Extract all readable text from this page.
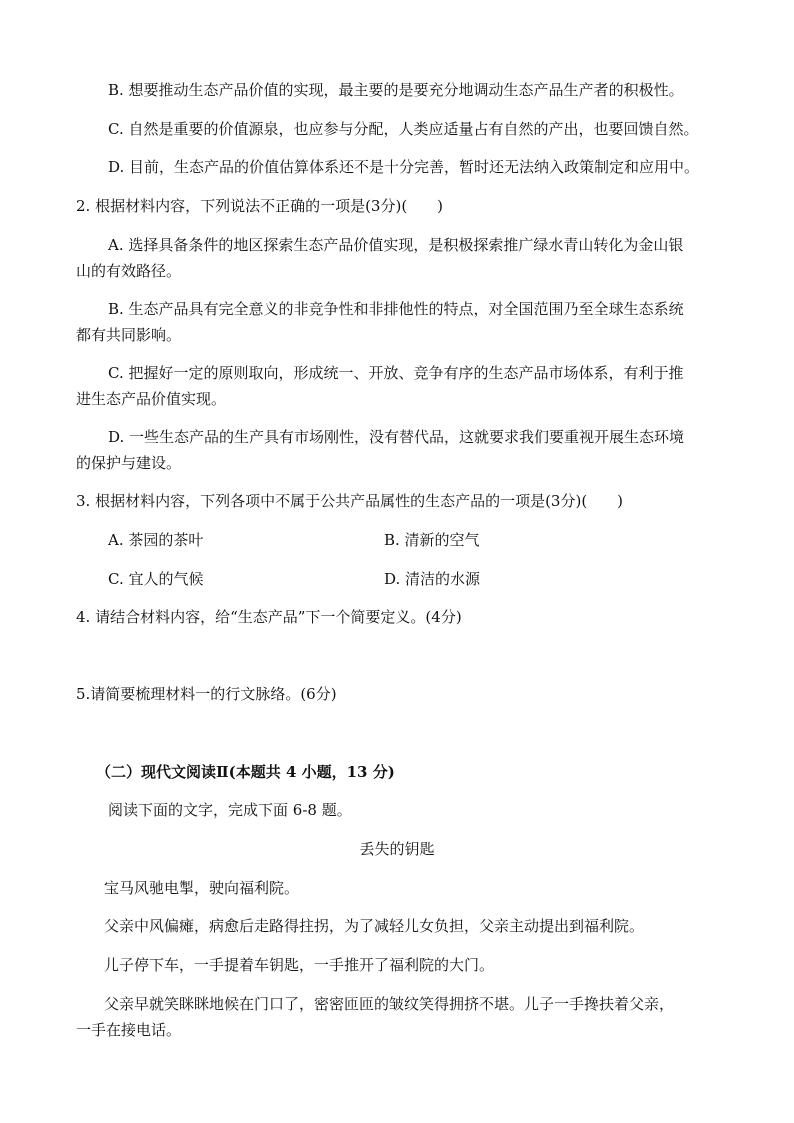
B. 想要推动生态产品价值的实现，最主要的是要充分地调动生态产品生产者的积极性。
C. 自然是重要的价值源泉，也应参与分配，人类应适量占有自然的产出，也要回馈自然。
D. 目前，生态产品的价值估算体系还不是十分完善，暂时还无法纳入政策制定和应用中。
2. 根据材料内容，下列说法不正确的一项是(3分)(　　)
A. 选择具备条件的地区探索生态产品价值实现，是积极探索推广绿水青山转化为金山银
山的有效路径。
B. 生态产品具有完全意义的非竞争性和非排他性的特点，对全国范围乃至全球生态系统
都有共同影响。
C. 把握好一定的原则取向，形成统一、开放、竞争有序的生态产品市场体系，有利于推
进生态产品价值实现。
D. 一些生态产品的生产具有市场刚性，没有替代品，这就要求我们要重视开展生态环境
的保护与建设。
3. 根据材料内容，下列各项中不属于公共产品属性的生态产品的一项是(3分)(　　)
A. 茶园的茶叶	B. 清新的空气
C. 宜人的气候	D. 清洁的水源
4. 请结合材料内容，给“生态产品”下一个简要定义。(4分)
5.请简要梳理材料一的行文脉络。(6分)
（二）现代文阅读Ⅱ(本题共 4 小题，13 分)
阅读下面的文字，完成下面 6-8 题。
丢失的钥匙
宝马风驰电掣，驶向福利院。
父亲中风偏瘫，病愈后走路得拄拐，为了减轻儿女负担，父亲主动提出到福利院。
儿子停下车，一手提着车钥匙，一手推开了福利院的大门。
父亲早就笑眯眯地候在门口了，密密匝匝的皱纹笑得拥挤不堪。儿子一手搀扶着父亲，
一手在接电话。
